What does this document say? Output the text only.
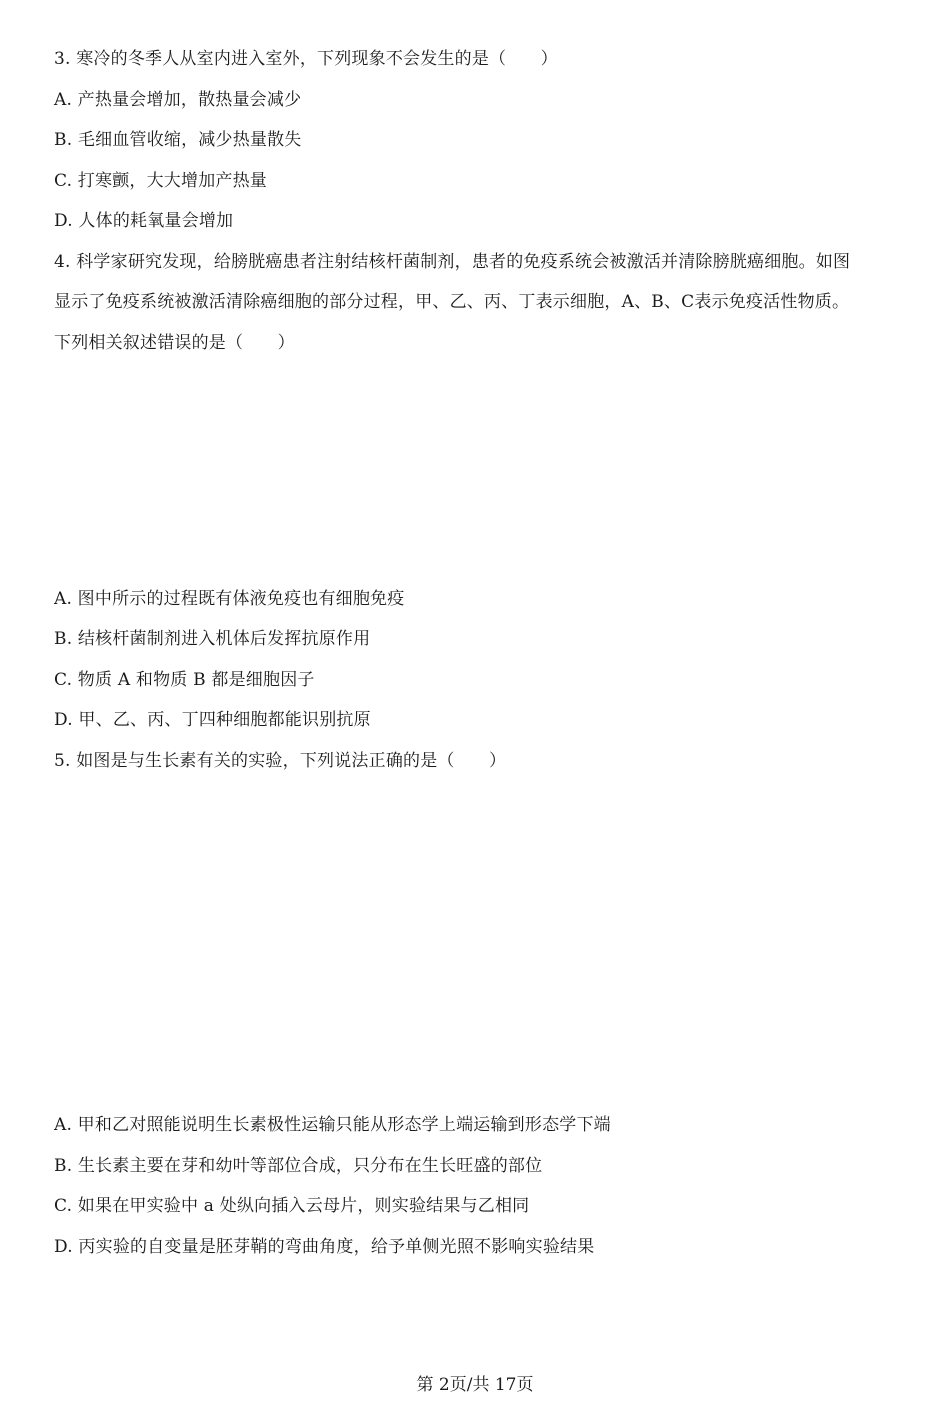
3. 寒冷的冬季人从室内进入室外，下列现象不会发生的是（　　）
A. 产热量会增加，散热量会减少
B. 毛细血管收缩，减少热量散失
C. 打寒颤，大大增加产热量
D. 人体的耗氧量会增加
4. 科学家研究发现，给膀胱癌患者注射结核杆菌制剂，患者的免疫系统会被激活并清除膀胱癌细胞。如图
显示了免疫系统被激活清除癌细胞的部分过程，甲、乙、丙、丁表示细胞，A、B、C表示免疫活性物质。
下列相关叙述错误的是（　　）
A. 图中所示的过程既有体液免疫也有细胞免疫
B. 结核杆菌制剂进入机体后发挥抗原作用
C. 物质 A 和物质 B 都是细胞因子
D. 甲、乙、丙、丁四种细胞都能识别抗原
5. 如图是与生长素有关的实验，下列说法正确的是（　　）
A. 甲和乙对照能说明生长素极性运输只能从形态学上端运输到形态学下端
B. 生长素主要在芽和幼叶等部位合成，只分布在生长旺盛的部位
C. 如果在甲实验中 a 处纵向插入云母片，则实验结果与乙相同
D. 丙实验的自变量是胚芽鞘的弯曲角度，给予单侧光照不影响实验结果
第 2页/共 17页
